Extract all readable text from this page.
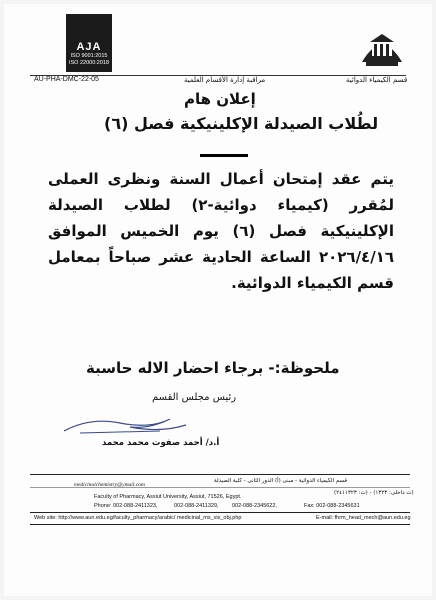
AJA
ISO 9001:2015
ISO 22000:2018
AU-PHA-DMC-22-05	مراقبة إدارة الأقسام العلمية	قسم الكيمياء الدوائية
إعلان هام
لطُلاب الصيدلة الإكلينيكية فصل (٦)
يتم عقد إمتحان أعمال السنة ونظرى العملى لمُقرر (كيمياء دوائية-٢) لطلاب الصيدلة الإكلينيكية فصل (٦) يوم الخميس الموافق ٢٠٢٦/٤/١٦ الساعة الحادية عشر صباحاً بمعامل قسم الكيمياء الدوائية.
ملحوظة:- برجاء احضار الاله حاسبة
رئيس مجلس القسم
أ.د/ أحمد صفوت محمد محمد
قسم الكيمياء الدوائية - مبنى (أ) الدور الثانى - كلية الصيدلة
(ت داخلى: ١٣٢٣) - (ت: ٢٤١١٣٢٣)
medicinalchemistry@ymail.com
Faculty of Pharmacy, Assiut University, Assiut, 71526, Egypt.
Phone: 002-088-2411323,	002-088-2411329, 002-088-2345622,	Fax: 002-088-2345631
Web site: http://www.aun.edu.eg/faculty_pharmacy/arabic/ medicinal_ms_vis_obj.php	E-mail: fhrm_head_mech@aun.edu.eg
